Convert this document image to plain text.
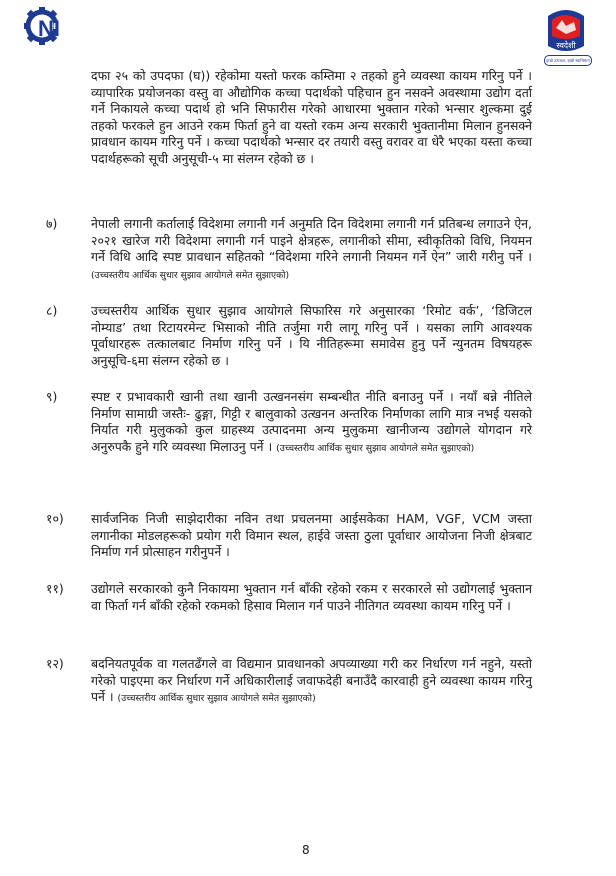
NI
स्वदेशी
हाम्रो उत्पादन, हाम्रो स्वाभिमान
दफा २५ को उपदफा (घ)) रहेकोमा यस्तो फरक कम्तिमा २ तहको हुने व्यवस्था कायम गरिनु पर्ने । व्यापारिक प्रयोजनका वस्तु वा औद्योगिक कच्चा पदार्थको पहिचान हुन नसक्ने अवस्थामा उद्योग दर्ता गर्ने निकायले कच्चा पदार्थ हो भनि सिफारीस गरेको आधारमा भुक्तान गरेको भन्सार शुल्कमा दुई तहको फरकले हुन आउने रकम फिर्ता हुने वा यस्तो रकम अन्य सरकारी भुक्तानीमा मिलान हुनसक्ने प्रावधान कायम गरिनु पर्ने । कच्चा पदार्थको भन्सार दर तयारी वस्तु वरावर वा धेरै भएका यस्ता कच्चा पदार्थहरूको सूची अनुसूची-५ मा संलग्न रहेको छ ।
७)	नेपाली लगानी कर्तालाई विदेशमा लगानी गर्न अनुमति दिन विदेशमा लगानी गर्न प्रतिबन्ध लगाउने ऐन, २०२१ खारेज गरी विदेशमा लगानी गर्न पाइने क्षेत्रहरू, लगानीको सीमा, स्वीकृतिको विधि, नियमन गर्ने विधि आदि स्पष्ट प्रावधान सहितको “विदेशमा गरिने लगानी नियमन गर्ने ऐन” जारी गरीनु पर्ने । (उच्चस्तरीय आर्थिक सुधार सुझाव आयोगले समेत सुझाएको)
८)	उच्चस्तरीय आर्थिक सुधार सुझाव आयोगले सिफारिस गरे अनुसारका ‘रिमोट वर्क’, ‘डिजिटल नोम्याड’ तथा रिटायरमेन्ट भिसाको नीति तर्जुमा गरी लागू गरिनु पर्ने । यसका लागि आवश्यक पूर्वाधारहरू तत्कालबाट निर्माण गरिनु पर्ने । यि नीतिहरूमा समावेस हुनु पर्ने न्युनतम विषयहरू अनुसूचि-६मा संलग्न रहेको छ ।
९)	स्पष्ट र प्रभावकारी खानी तथा खानी उत्खननसंग सम्बन्धीत नीति बनाउनु पर्ने । नयाँ बन्ने नीतिले निर्माण सामाग्री जस्तैः- ढुङ्गा, गिट्टी र बालुवाको उत्खनन अन्तरिक निर्माणका लागि मात्र नभई यसको निर्यात गरी मुलुकको कुल ग्राहस्थ्य उत्पादनमा अन्य मुलुकमा खानीजन्य उद्योगले योगदान गरे अनुरुपकै हुने गरि व्यवस्था मिलाउनु पर्ने । (उच्चस्तरीय आर्थिक सुधार सुझाव आयोगले समेत सुझाएको)
१०) सार्वजनिक निजी साझेदारीका नविन तथा प्रचलनमा आईसकेका HAM, VGF, VCM जस्ता लगानीका मोडलहरूको प्रयोग गरी विमान स्थल, हाईवे जस्ता ठुला पूर्वाधार आयोजना निजी क्षेत्रबाट निर्माण गर्न प्रोत्साहन गरीनुपर्ने ।
११) उद्योगले सरकारको कुनै निकायमा भुक्तान गर्न बाँकी रहेको रकम र सरकारले सो उद्योगलाई भुक्तान वा फिर्ता गर्न बाँकी रहेको रकमको हिसाव मिलान गर्न पाउने नीतिगत व्यवस्था कायम गरिनु पर्ने ।
१२) बदनियतपूर्वक वा गलतढँगले वा विद्यमान प्रावधानको अपव्याख्या गरी कर निर्धारण गर्न नहुने, यस्तो गरेको पाइएमा कर निर्धारण गर्ने अधिकारीलाई जवाफदेही बनाउँदै कारवाही हुने व्यवस्था कायम गरिनु पर्ने । (उच्चस्तरीय आर्थिक सुधार सुझाव आयोगले समेत सुझाएको)
8
